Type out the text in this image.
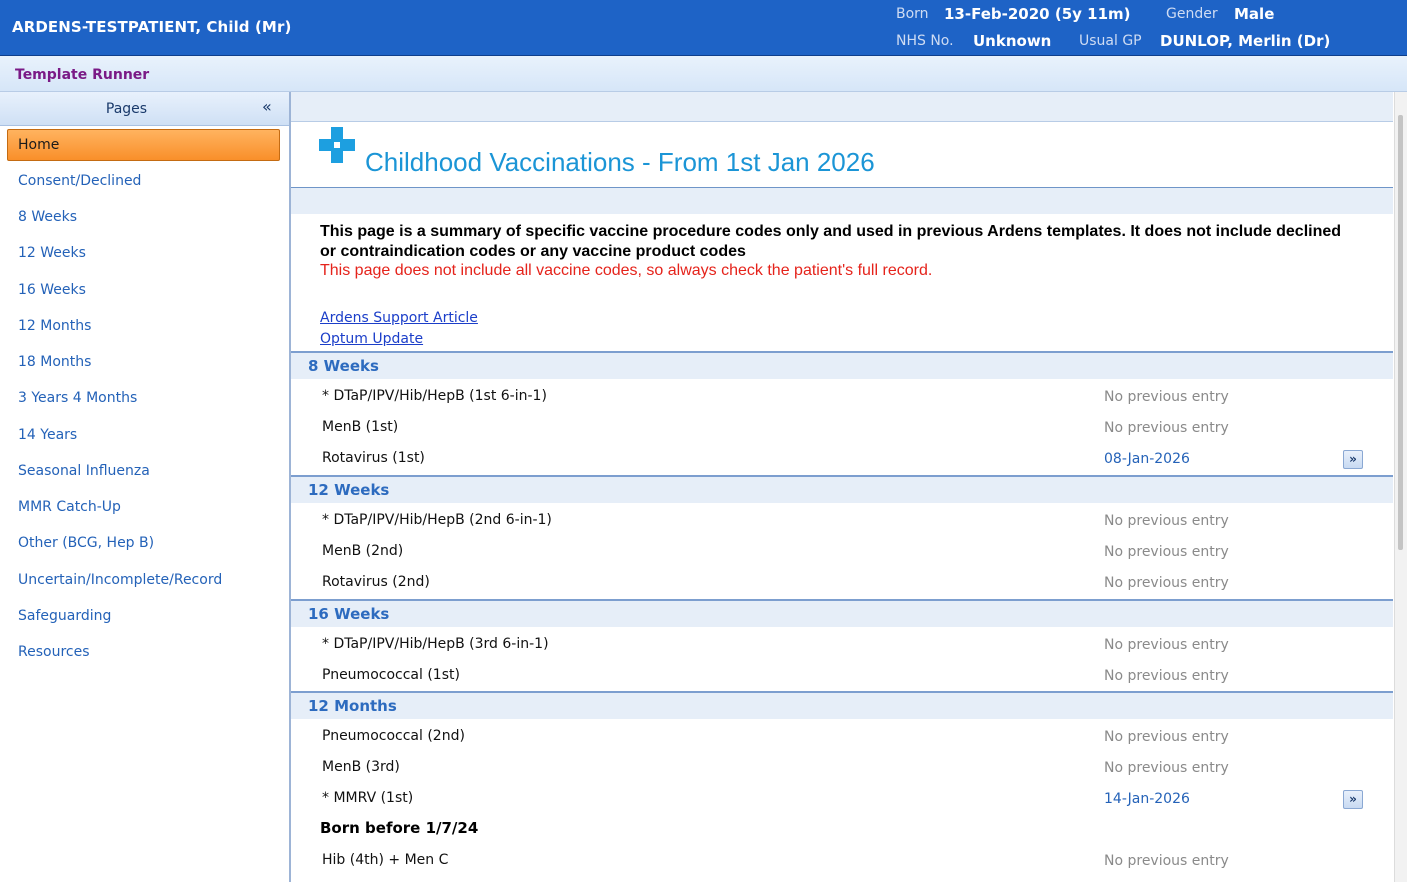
ARDENS-TESTPATIENT, Child (Mr)
Born 13-Feb-2020 (5y 11m)	Gender Male
NHS No. Unknown Usual GP DUNLOP, Merlin (Dr)
Template Runner
Pages	«
Home
Consent/Declined
8 Weeks
12 Weeks
16 Weeks
12 Months
18 Months
3 Years 4 Months
14 Years
Seasonal Influenza
MMR Catch-Up
Other (BCG, Hep B)
Uncertain/Incomplete/Record
Safeguarding
Resources
Childhood Vaccinations - From 1st Jan 2026
This page is a summary of specific vaccine procedure codes only and used in previous Ardens templates. It does not include declined or contraindication codes or any vaccine product codes
This page does not include all vaccine codes, so always check the patient's full record.
Ardens Support Article
Optum Update
8 Weeks
* DTaP/IPV/Hib/HepB (1st 6-in-1)	No previous entry
MenB (1st)	No previous entry
Rotavirus (1st)	08-Jan-2026	»
12 Weeks
* DTaP/IPV/Hib/HepB (2nd 6-in-1)	No previous entry
MenB (2nd)	No previous entry
Rotavirus (2nd)	No previous entry
16 Weeks
* DTaP/IPV/Hib/HepB (3rd 6-in-1)	No previous entry
Pneumococcal (1st)	No previous entry
12 Months
Pneumococcal (2nd)	No previous entry
MenB (3rd)	No previous entry
* MMRV (1st)	14-Jan-2026	»
Born before 1/7/24
Hib (4th) + Men C	No previous entry
